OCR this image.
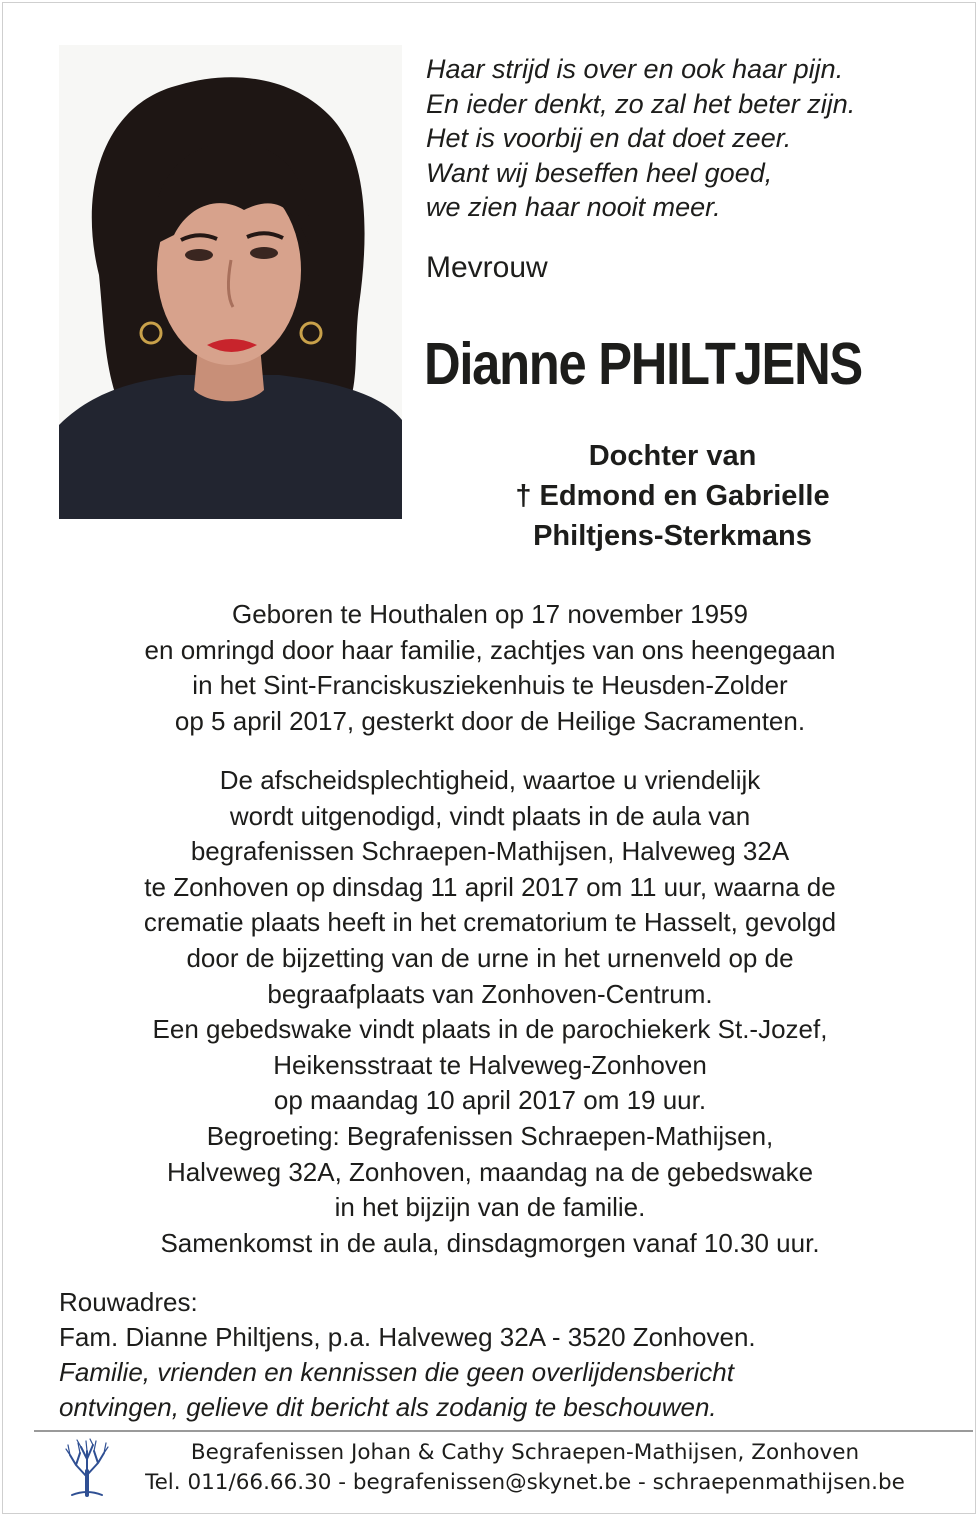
Haar strijd is over en ook haar pijn.
En ieder denkt, zo zal het beter zijn.
Het is voorbij en dat doet zeer.
Want wij beseffen heel goed,
we zien haar nooit meer.
Mevrouw
Dianne PHILTJENS
Dochter van
† Edmond en Gabrielle
Philtjens-Sterkmans
Geboren te Houthalen op 17 november 1959
en omringd door haar familie, zachtjes van ons heengegaan
in het Sint-Franciskusziekenhuis te Heusden-Zolder
op 5 april 2017, gesterkt door de Heilige Sacramenten.
De afscheidsplechtigheid, waartoe u vriendelijk
wordt uitgenodigd, vindt plaats in de aula van
begrafenissen Schraepen-Mathijsen, Halveweg 32A
te Zonhoven op dinsdag 11 april 2017 om 11 uur, waarna de
crematie plaats heeft in het crematorium te Hasselt, gevolgd
door de bijzetting van de urne in het urnenveld op de
begraafplaats van Zonhoven-Centrum.
Een gebedswake vindt plaats in de parochiekerk St.-Jozef,
Heikensstraat te Halveweg-Zonhoven
op maandag 10 april 2017 om 19 uur.
Begroeting: Begrafenissen Schraepen-Mathijsen,
Halveweg 32A, Zonhoven, maandag na de gebedswake
in het bijzijn van de familie.
Samenkomst in de aula, dinsdagmorgen vanaf 10.30 uur.
Rouwadres:
Fam. Dianne Philtjens, p.a. Halveweg 32A - 3520 Zonhoven.
Familie, vrienden en kennissen die geen overlijdensbericht
ontvingen, gelieve dit bericht als zodanig te beschouwen.
Begrafenissen Johan & Cathy Schraepen-Mathijsen, Zonhoven
Tel. 011/66.66.30 - begrafenissen@skynet.be - schraepenmathijsen.be
